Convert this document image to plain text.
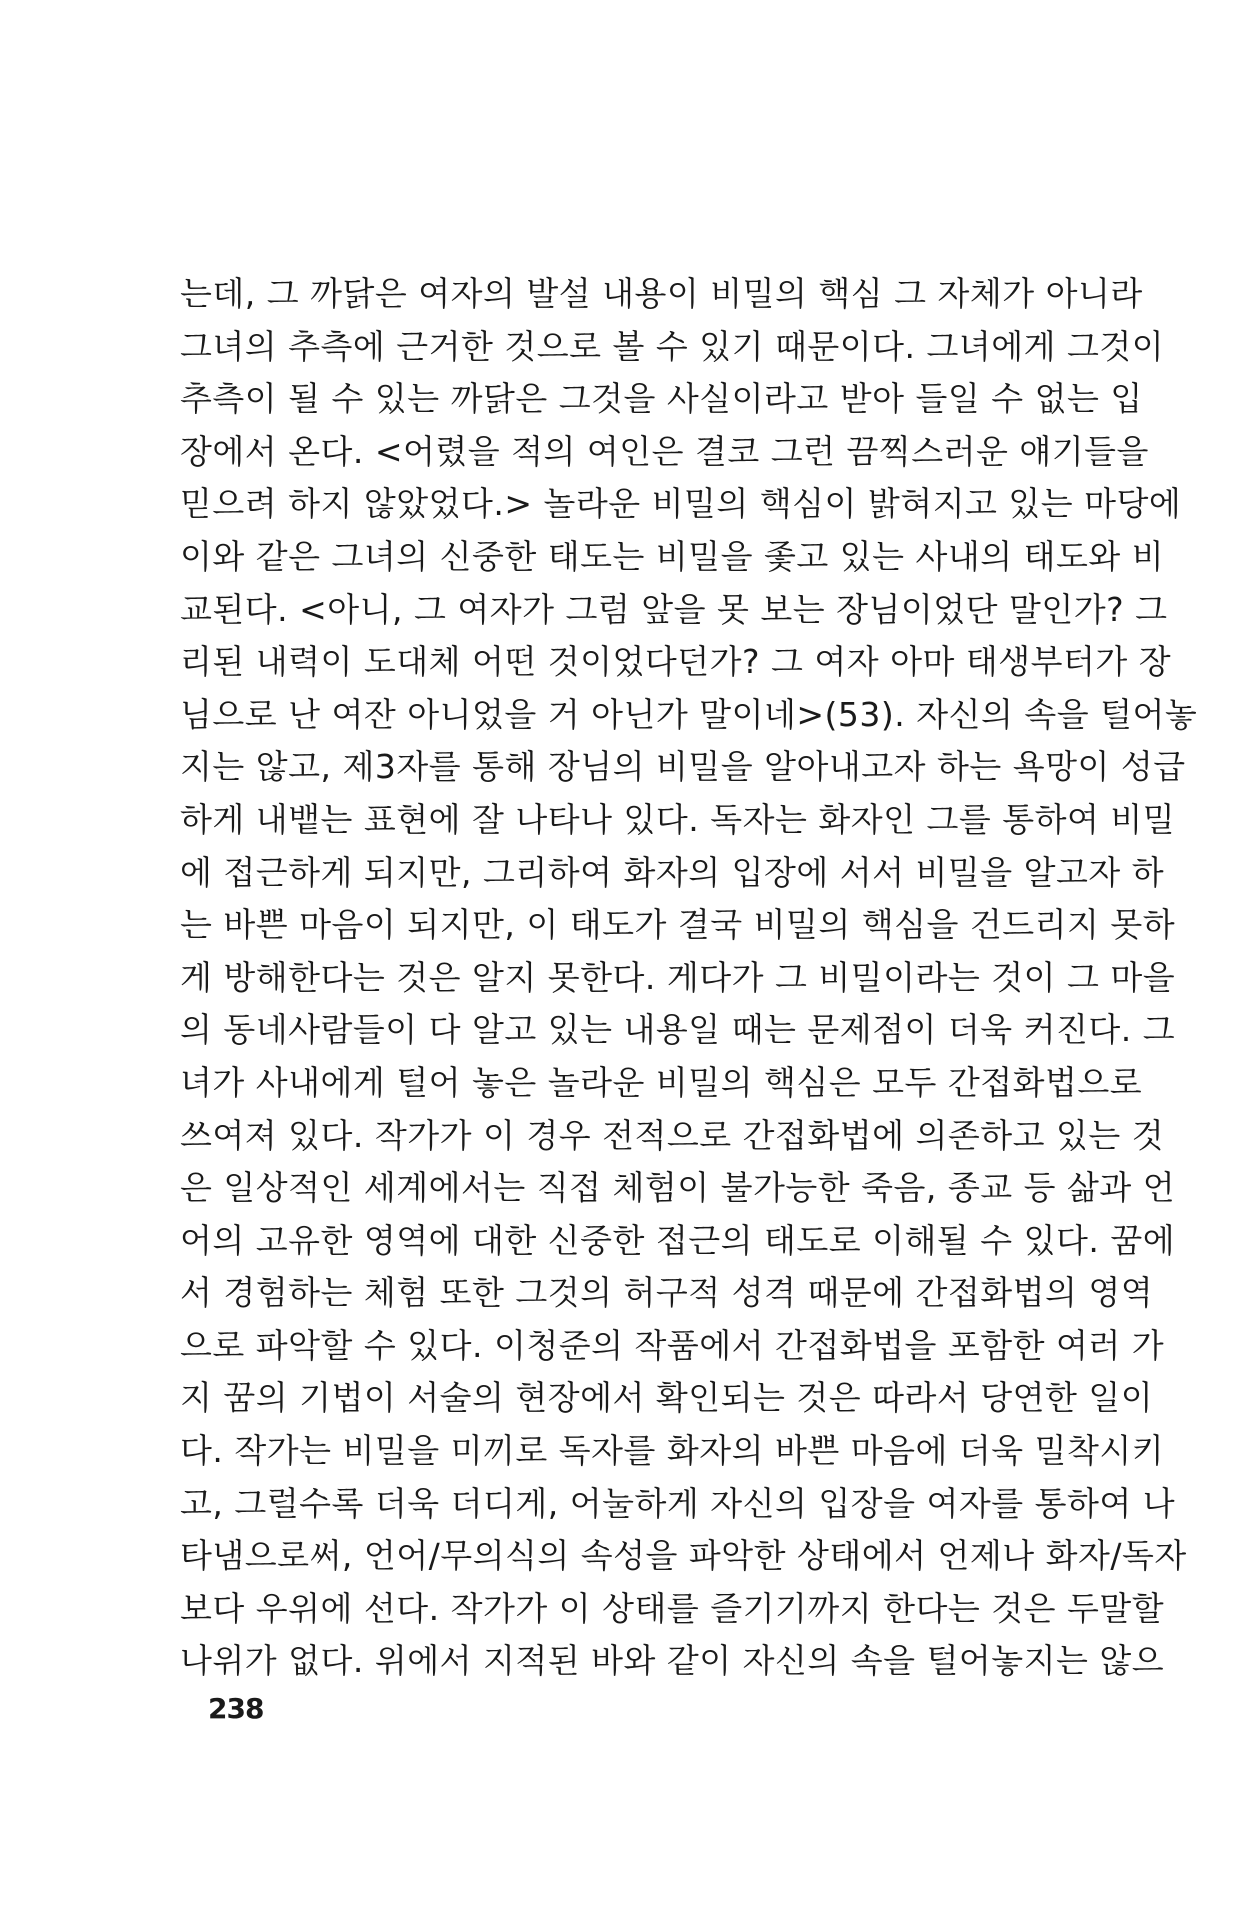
는데, 그 까닭은 여자의 발설 내용이 비밀의 핵심 그 자체가 아니라
그녀의 추측에 근거한 것으로 볼 수 있기 때문이다. 그녀에게 그것이
추측이 될 수 있는 까닭은 그것을 사실이라고 받아 들일 수 없는 입
장에서 온다. <어렸을 적의 여인은 결코 그런 끔찍스러운 얘기들을
믿으려 하지 않았었다.> 놀라운 비밀의 핵심이 밝혀지고 있는 마당에
이와 같은 그녀의 신중한 태도는 비밀을 좇고 있는 사내의 태도와 비
교된다. <아니, 그 여자가 그럼 앞을 못 보는 장님이었단 말인가? 그
리된 내력이 도대체 어떤 것이었다던가? 그 여자 아마 태생부터가 장
님으로 난 여잔 아니었을 거 아닌가 말이네>(53). 자신의 속을 털어놓
지는 않고, 제3자를 통해 장님의 비밀을 알아내고자 하는 욕망이 성급
하게 내뱉는 표현에 잘 나타나 있다. 독자는 화자인 그를 통하여 비밀
에 접근하게 되지만, 그리하여 화자의 입장에 서서 비밀을 알고자 하
는 바쁜 마음이 되지만, 이 태도가 결국 비밀의 핵심을 건드리지 못하
게 방해한다는 것은 알지 못한다. 게다가 그 비밀이라는 것이 그 마을
의 동네사람들이 다 알고 있는 내용일 때는 문제점이 더욱 커진다. 그
녀가 사내에게 털어 놓은 놀라운 비밀의 핵심은 모두 간접화법으로
쓰여져 있다. 작가가 이 경우 전적으로 간접화법에 의존하고 있는 것
은 일상적인 세계에서는 직접 체험이 불가능한 죽음, 종교 등 삶과 언
어의 고유한 영역에 대한 신중한 접근의 태도로 이해될 수 있다. 꿈에
서 경험하는 체험 또한 그것의 허구적 성격 때문에 간접화법의 영역
으로 파악할 수 있다. 이청준의 작품에서 간접화법을 포함한 여러 가
지 꿈의 기법이 서술의 현장에서 확인되는 것은 따라서 당연한 일이
다. 작가는 비밀을 미끼로 독자를 화자의 바쁜 마음에 더욱 밀착시키
고, 그럴수록 더욱 더디게, 어눌하게 자신의 입장을 여자를 통하여 나
타냄으로써, 언어/무의식의 속성을 파악한 상태에서 언제나 화자/독자
보다 우위에 선다. 작가가 이 상태를 즐기기까지 한다는 것은 두말할
나위가 없다. 위에서 지적된 바와 같이 자신의 속을 털어놓지는 않으
238
